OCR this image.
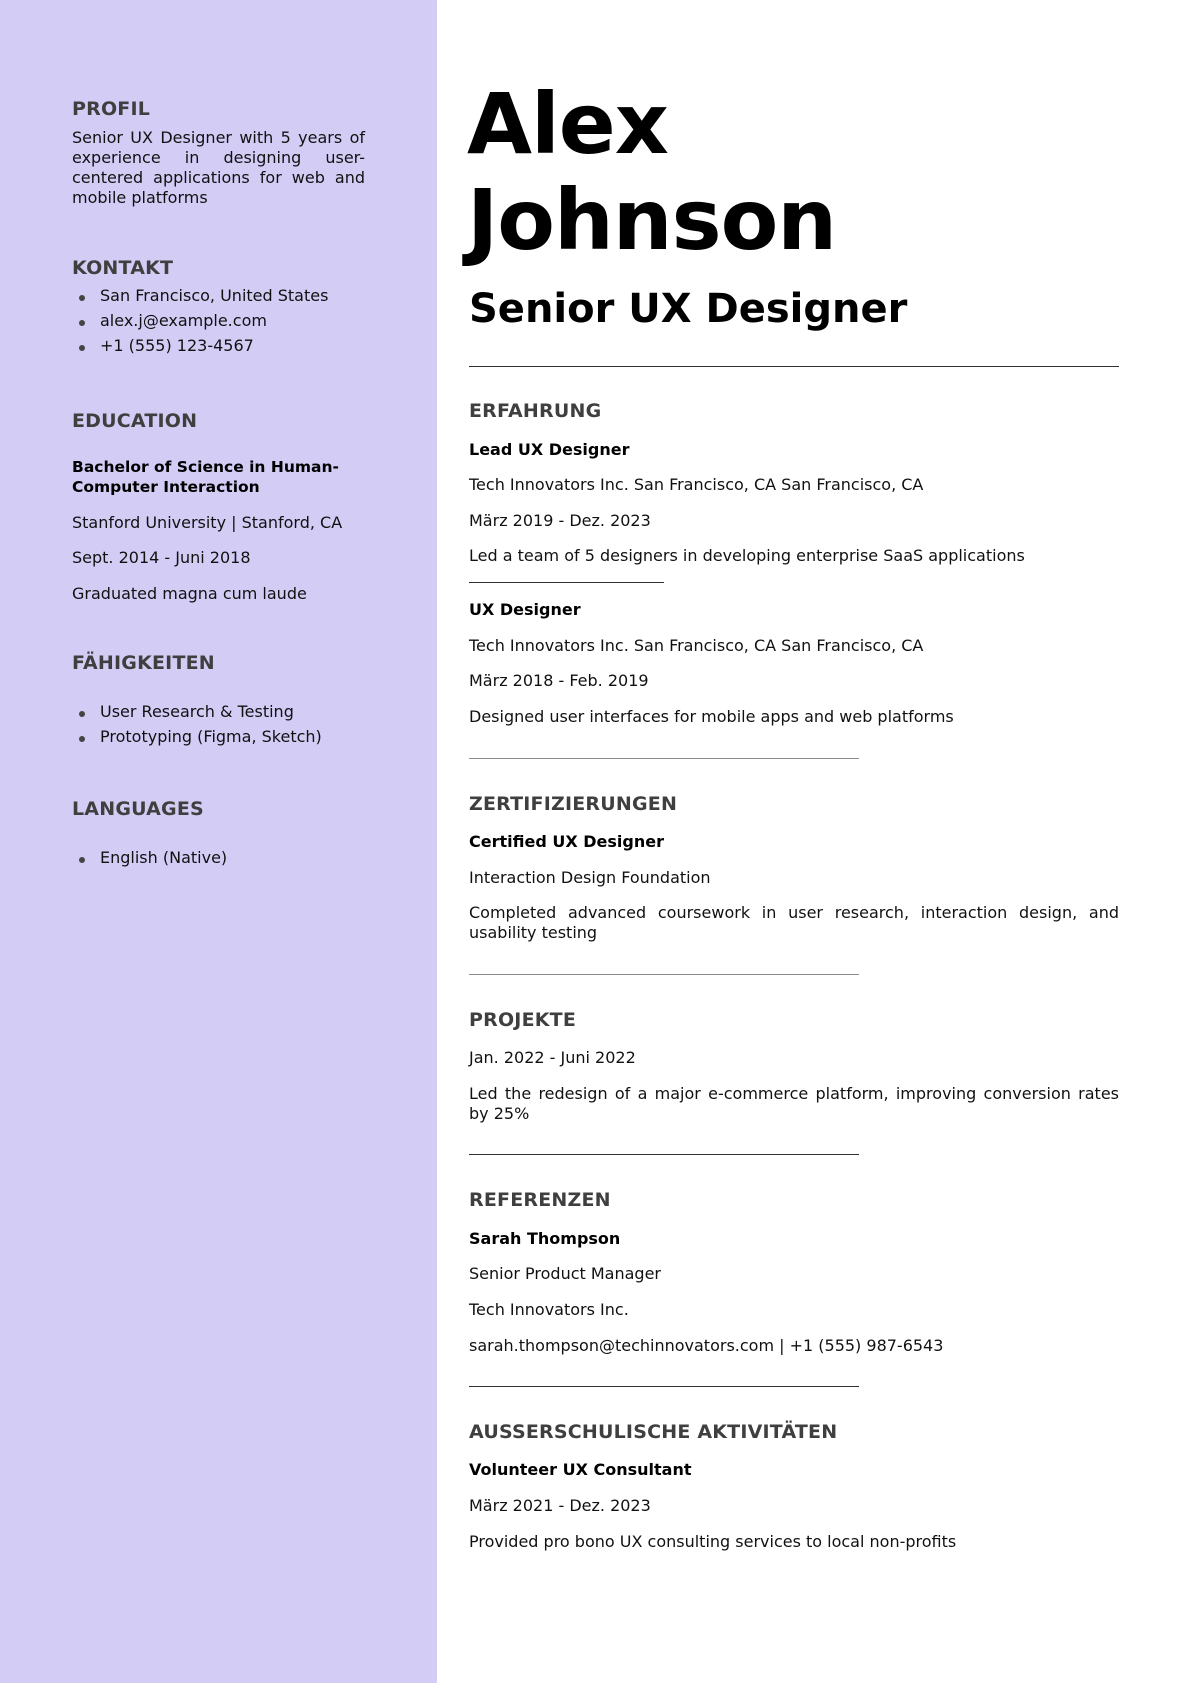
PROFIL

Senior UX Designer with 5 years of experience in designing user-centered applications for web and mobile platforms

KONTAKT
San Francisco, United States
alex.j@example.com
+1 (555) 123-4567
EDUCATION

Bachelor of Science in Human-Computer Interaction

Stanford University | Stanford, CA

Sept. 2014 - Juni 2018

Graduated magna cum laude

FÄHIGKEITEN
User Research & Testing
Prototyping (Figma, Sketch)
LANGUAGES
English (Native)
Alex
Johnson
Senior UX Designer
ERFAHRUNG

Lead UX Designer

Tech Innovators Inc. San Francisco, CA San Francisco, CA

März 2019 - Dez. 2023

Led a team of 5 designers in developing enterprise SaaS applications

UX Designer

Tech Innovators Inc. San Francisco, CA San Francisco, CA

März 2018 - Feb. 2019

Designed user interfaces for mobile apps and web platforms

ZERTIFIZIERUNGEN

Certified UX Designer

Interaction Design Foundation

Completed advanced coursework in user research, interaction design, and usability testing

PROJEKTE

Jan. 2022 - Juni 2022

Led the redesign of a major e-commerce platform, improving conversion rates by 25%

REFERENZEN

Sarah Thompson

Senior Product Manager

Tech Innovators Inc.

sarah.thompson@techinnovators.com | +1 (555) 987-6543

AUSSERSCHULISCHE AKTIVITÄTEN

Volunteer UX Consultant

März 2021 - Dez. 2023

Provided pro bono UX consulting services to local non-profits
